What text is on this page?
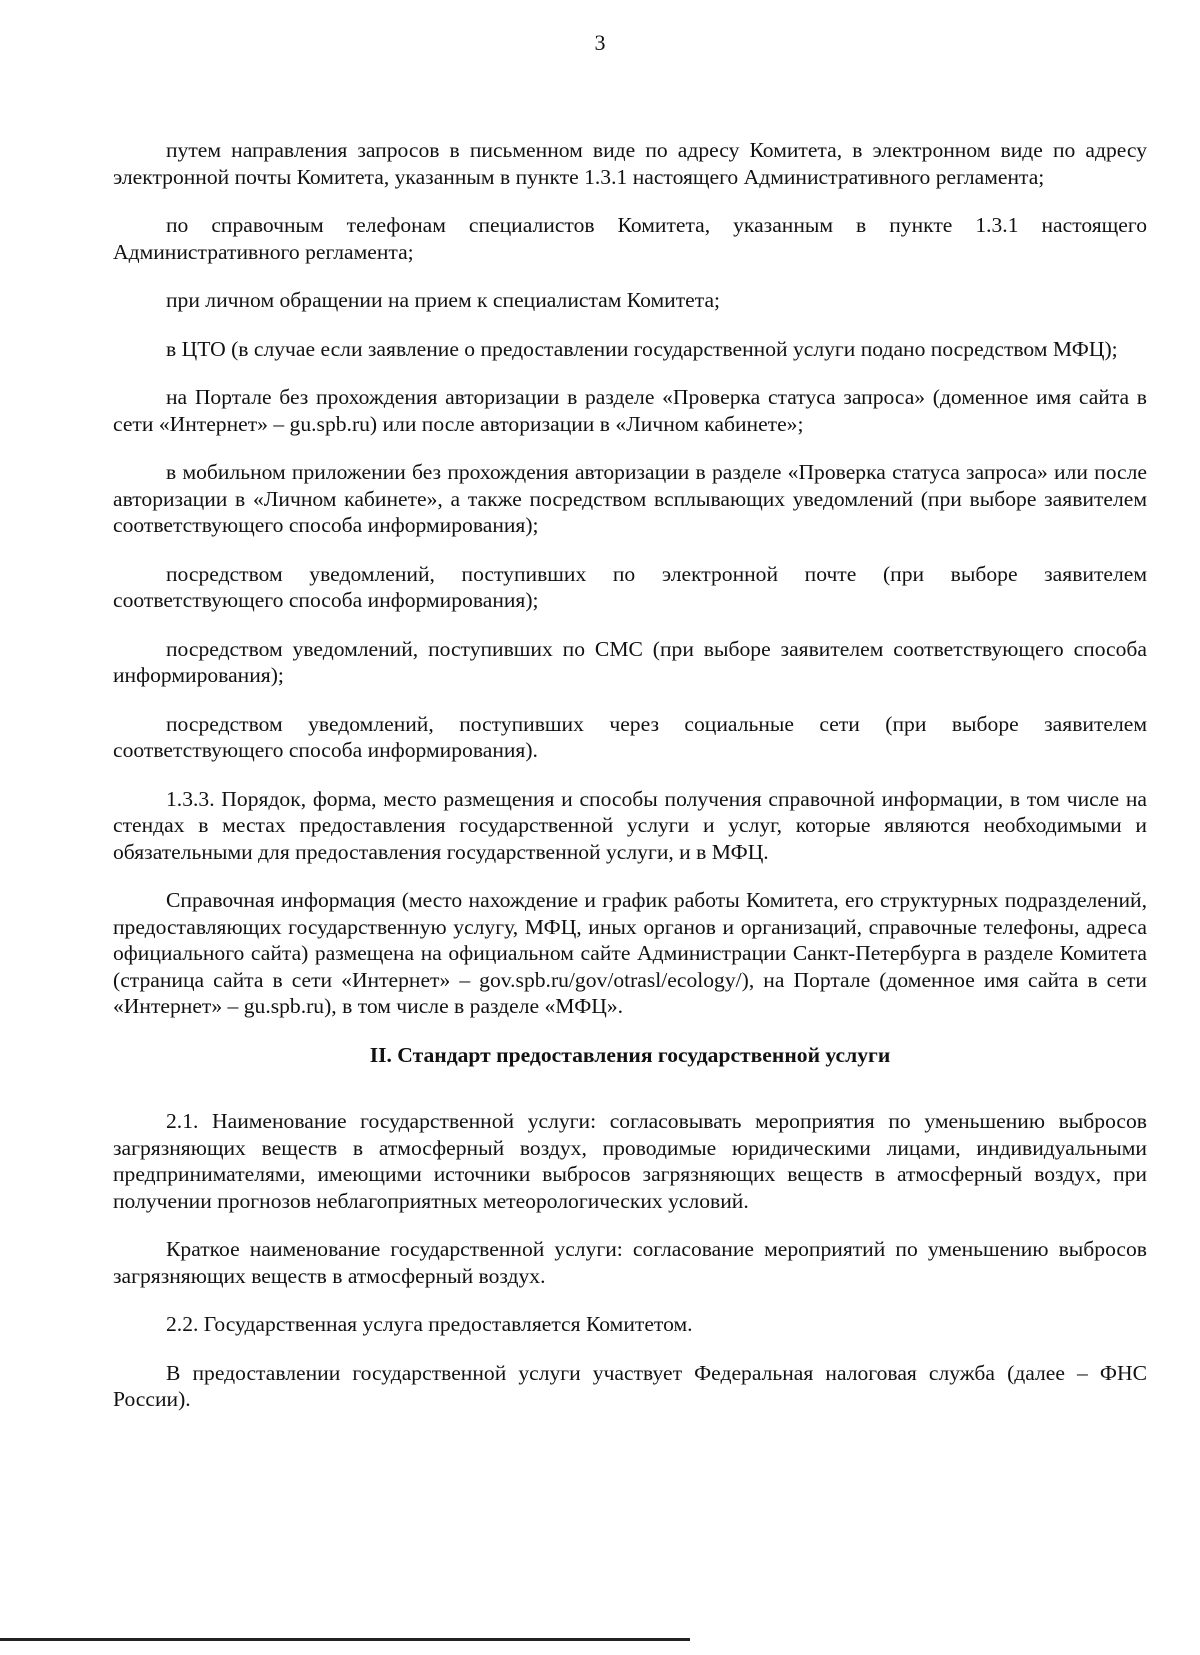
3

путем направления запросов в письменном виде по адресу Комитета, в электронном виде по адресу электронной почты Комитета, указанным в пункте 1.3.1 настоящего Административного регламента;

по справочным телефонам специалистов Комитета, указанным в пункте 1.3.1 настоящего Административного регламента;

при личном обращении на прием к специалистам Комитета;

в ЦТО (в случае если заявление о предоставлении государственной услуги подано посредством МФЦ);

на Портале без прохождения авторизации в разделе «Проверка статуса запроса» (доменное имя сайта в сети «Интернет» – gu.spb.ru) или после авторизации в «Личном кабинете»;

в мобильном приложении без прохождения авторизации в разделе «Проверка статуса запроса» или после авторизации в «Личном кабинете», а также посредством всплывающих уведомлений (при выборе заявителем соответствующего способа информирования);

посредством уведомлений, поступивших по электронной почте (при выборе заявителем соответствующего способа информирования);

посредством уведомлений, поступивших по СМС (при выборе заявителем соответствующего способа информирования);

посредством уведомлений, поступивших через социальные сети (при выборе заявителем соответствующего способа информирования).

1.3.3. Порядок, форма, место размещения и способы получения справочной информации, в том числе на стендах в местах предоставления государственной услуги и услуг, которые являются необходимыми и обязательными для предоставления государственной услуги, и в МФЦ.

Справочная информация (место нахождение и график работы Комитета, его структурных подразделений, предоставляющих государственную услугу, МФЦ, иных органов и организаций, справочные телефоны, адреса официального сайта) размещена на официальном сайте Администрации Санкт-Петербурга в разделе Комитета (страница сайта в сети «Интернет» – gov.spb.ru/gov/otrasl/ecology/), на Портале (доменное имя сайта в сети «Интернет» – gu.spb.ru), в том числе в разделе «МФЦ».

II. Стандарт предоставления государственной услуги

2.1. Наименование государственной услуги: согласовывать мероприятия по уменьшению выбросов загрязняющих веществ в атмосферный воздух, проводимые юридическими лицами, индивидуальными предпринимателями, имеющими источники выбросов загрязняющих веществ в атмосферный воздух, при получении прогнозов неблагоприятных метеорологических условий.

Краткое наименование государственной услуги: согласование мероприятий по уменьшению выбросов загрязняющих веществ в атмосферный воздух.

2.2. Государственная услуга предоставляется Комитетом.

В предоставлении государственной услуги участвует Федеральная налоговая служба (далее – ФНС России).
